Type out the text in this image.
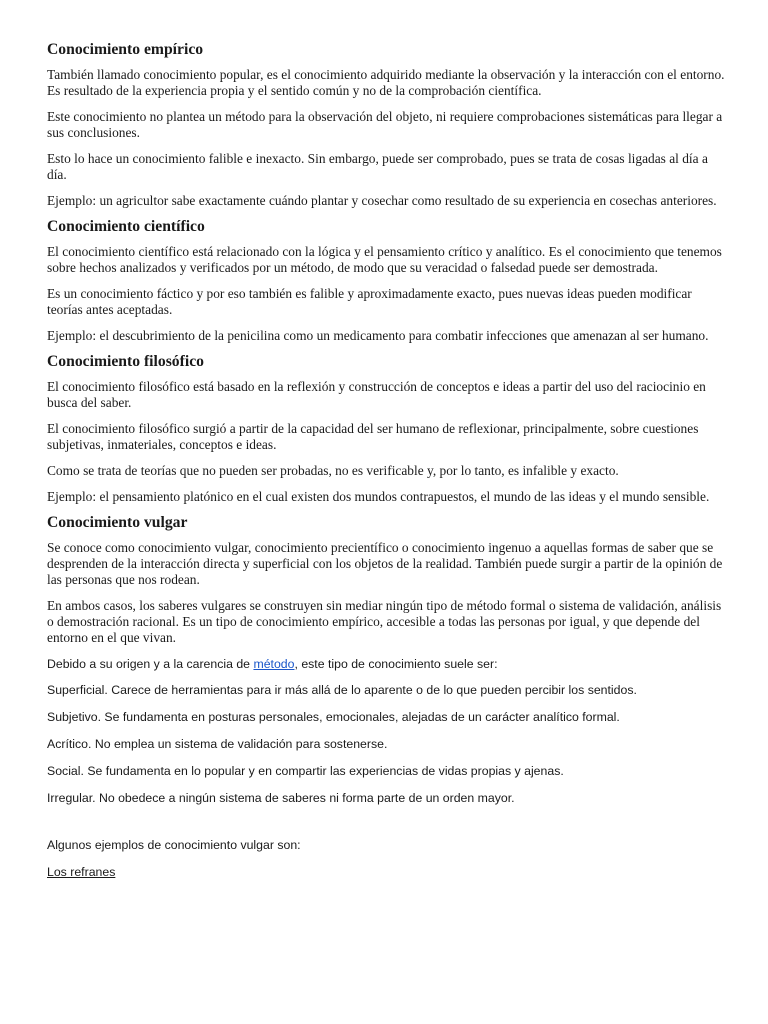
Conocimiento empírico

También llamado conocimiento popular, es el conocimiento adquirido mediante la observación y la interacción con el entorno. Es resultado de la experiencia propia y el sentido común y no de la comprobación científica.

Este conocimiento no plantea un método para la observación del objeto, ni requiere comprobaciones sistemáticas para llegar a sus conclusiones.

Esto lo hace un conocimiento falible e inexacto. Sin embargo, puede ser comprobado, pues se trata de cosas ligadas al día a día.

Ejemplo: un agricultor sabe exactamente cuándo plantar y cosechar como resultado de su experiencia en cosechas anteriores.

Conocimiento científico

El conocimiento científico está relacionado con la lógica y el pensamiento crítico y analítico. Es el conocimiento que tenemos sobre hechos analizados y verificados por un método, de modo que su veracidad o falsedad puede ser demostrada.

Es un conocimiento fáctico y por eso también es falible y aproximadamente exacto, pues nuevas ideas pueden modificar teorías antes aceptadas.

Ejemplo: el descubrimiento de la penicilina como un medicamento para combatir infecciones que amenazan al ser humano.

Conocimiento filosófico

El conocimiento filosófico está basado en la reflexión y construcción de conceptos e ideas a partir del uso del raciocinio en busca del saber.

El conocimiento filosófico surgió a partir de la capacidad del ser humano de reflexionar, principalmente, sobre cuestiones subjetivas, inmateriales, conceptos e ideas.

Como se trata de teorías que no pueden ser probadas, no es verificable y, por lo tanto, es infalible y exacto.

Ejemplo: el pensamiento platónico en el cual existen dos mundos contrapuestos, el mundo de las ideas y el mundo sensible.

Conocimiento vulgar

Se conoce como conocimiento vulgar, conocimiento precientífico o conocimiento ingenuo a aquellas formas de saber que se desprenden de la interacción directa y superficial con los objetos de la realidad. También puede surgir a partir de la opinión de las personas que nos rodean.

En ambos casos, los saberes vulgares se construyen sin mediar ningún tipo de método formal o sistema de validación, análisis o demostración racional. Es un tipo de conocimiento empírico, accesible a todas las personas por igual, y que depende del entorno en el que vivan.

Debido a su origen y a la carencia de método, este tipo de conocimiento suele ser:

Superficial. Carece de herramientas para ir más allá de lo aparente o de lo que pueden percibir los sentidos.

Subjetivo. Se fundamenta en posturas personales, emocionales, alejadas de un carácter analítico formal.

Acrítico. No emplea un sistema de validación para sostenerse.

Social. Se fundamenta en lo popular y en compartir las experiencias de vidas propias y ajenas.

Irregular. No obedece a ningún sistema de saberes ni forma parte de un orden mayor.

Algunos ejemplos de conocimiento vulgar son:

Los refranes
